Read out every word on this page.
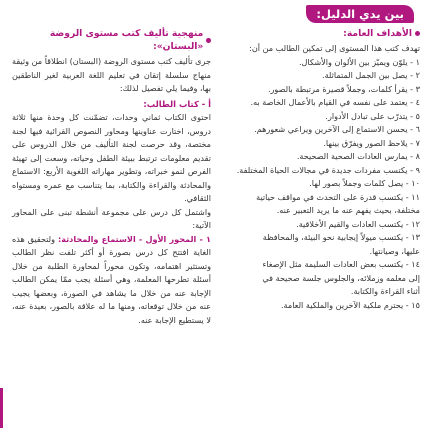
بين يدي الدليل:
الأهداف العامة:
تهدف كتب هذا المستوى إلى تمكين الطالب من أن:
١ - يلوّن ويميّز بين الألوان والأشكال.
٢ - يصل بين الجمل المتماثلة.
٣ - يقرأ كلمات، وجملاً قصيرة مرتبطة بالصور.
٤ - يعتمد على نفسه في القيام بالأعمال الخاصة به.
٥ - يتدرّب على تبادل الأدوار.
٦ - يحسن الاستماع إلى الآخرين ويراعي شعورهم.
٧ - يلاحظ الصور ويفرّق بينها.
٨ - يمارس العادات الصحية الصحيحة.
٩ - يكتسب مفردات جديدة في مجالات الحياة المختلفة.
١٠ - يصل كلمات وجملاً بصور لها.
١١ - يكتسب قدرة على التحدث في مواقف حياتية
مختلفة، بحيث يفهم عنه ما يريد التعبير عنه.
١٢ - يكتسب العادات والقيم الأخلاقية.
١٣ - يكتسب ميولاً إيجابية نحو البيئة، والمحافظة
عليها، وصيانتها.
١٤ - يكتسب بعض العادات السليمة مثل الإصغاء
إلى معلمه وزملائه، والجلوس جلسة صحيحة في
أثناء القراءة والكتابة.
١٥ - يحترم ملكية الآخرين والملكية العامة.
منهجية تأليف كتب مستوى الروضة «البستان»:

جرى تأليف كتب مستوى الروضة (البستان) انطلاقاً من وثيقة منهاج سلسلة إتقان في تعليم اللغة العربية لغير الناطقين بها، وفيما يلي تفصيل لذلك:

أ - كتاب الطالب:

احتوى الكتاب ثماني وحدات، تضمّنت كل وحدة منها ثلاثة دروس، اختارت عناوينها ومحاور النصوص القرائية فيها لجنة مختصة، وقد حرصت لجنة التأليف من خلال الدروس على تقديم معلومات ترتبط ببيئة الطفل وحياته، وسعت إلى تهيئة الفرص لنمو خبراته، وتطوير مهاراته اللغوية الأربع: الاستماع والمحادثة والقراءة والكتابة، بما يتناسب مع عمره ومستواه الثقافي.

واشتمل كل درس على مجموعة أنشطة تبنى على المحاور الآتية:

١ - المحور الأول - الاستماع والمحادثة: ولتحقيق هذه الغاية افتتح كل درس بصورة أو أكثر تلفت نظر الطالب وتستثير اهتمامه، وتكون محوراً لمحاورة الطلبة من خلال أسئلة تطرحها المعلمة، وهي أسئلة يجب ممّا يمكن الطالب الإجابة عنه من خلال ما يشاهد في الصورة، وبعضها يجيب عنه من خلال توقعاته، ومنها ما له علاقة بالصور، بعيدة عنه، لا يستطيع الإجابة عنه.
